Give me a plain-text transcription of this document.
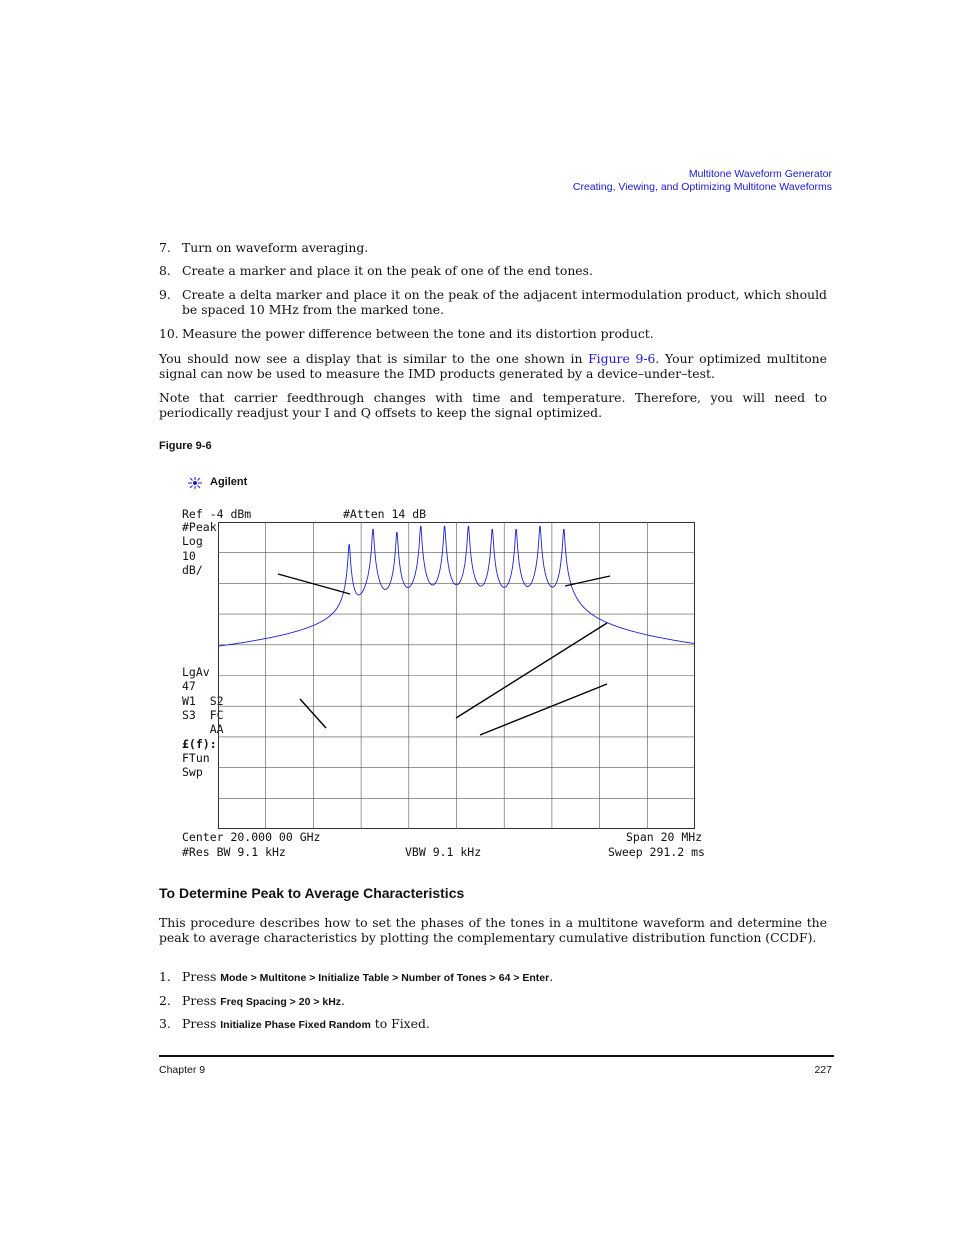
Multitone Waveform Generator
Creating, Viewing, and Optimizing Multitone Waveforms
7. Turn on waveform averaging.
8. Create a marker and place it on the peak of one of the end tones.
9. Create a delta marker and place it on the peak of the adjacent intermodulation product, which should be spaced 10 MHz from the marked tone.
10. Measure the power difference between the tone and its distortion product.
You should now see a display that is similar to the one shown in Figure 9-6. Your optimized multitone signal can now be used to measure the IMD products generated by a device–under–test.
Note that carrier feedthrough changes with time and temperature. Therefore, you will need to periodically readjust your I and Q offsets to keep the signal optimized.
Figure 9-6
Agilent
Ref -4 dBm	#Atten 14 dB
#Peak
Log
10
dB/
LgAv
47
W1  S2
S3  FC
AA
£(f):
FTun
Swp
Center 20.000 00 GHz
#Res BW 9.1 kHz	VBW 9.1 kHz
Span 20 MHz
Sweep 291.2 ms
To Determine Peak to Average Characteristics
This procedure describes how to set the phases of the tones in a multitone waveform and determine the peak to average characteristics by plotting the complementary cumulative distribution function (CCDF).
1. Press Mode > Multitone > Initialize Table > Number of Tones > 64 > Enter.
2. Press Freq Spacing > 20 > kHz.
3. Press Initialize Phase Fixed Random to Fixed.
Chapter 9	227
